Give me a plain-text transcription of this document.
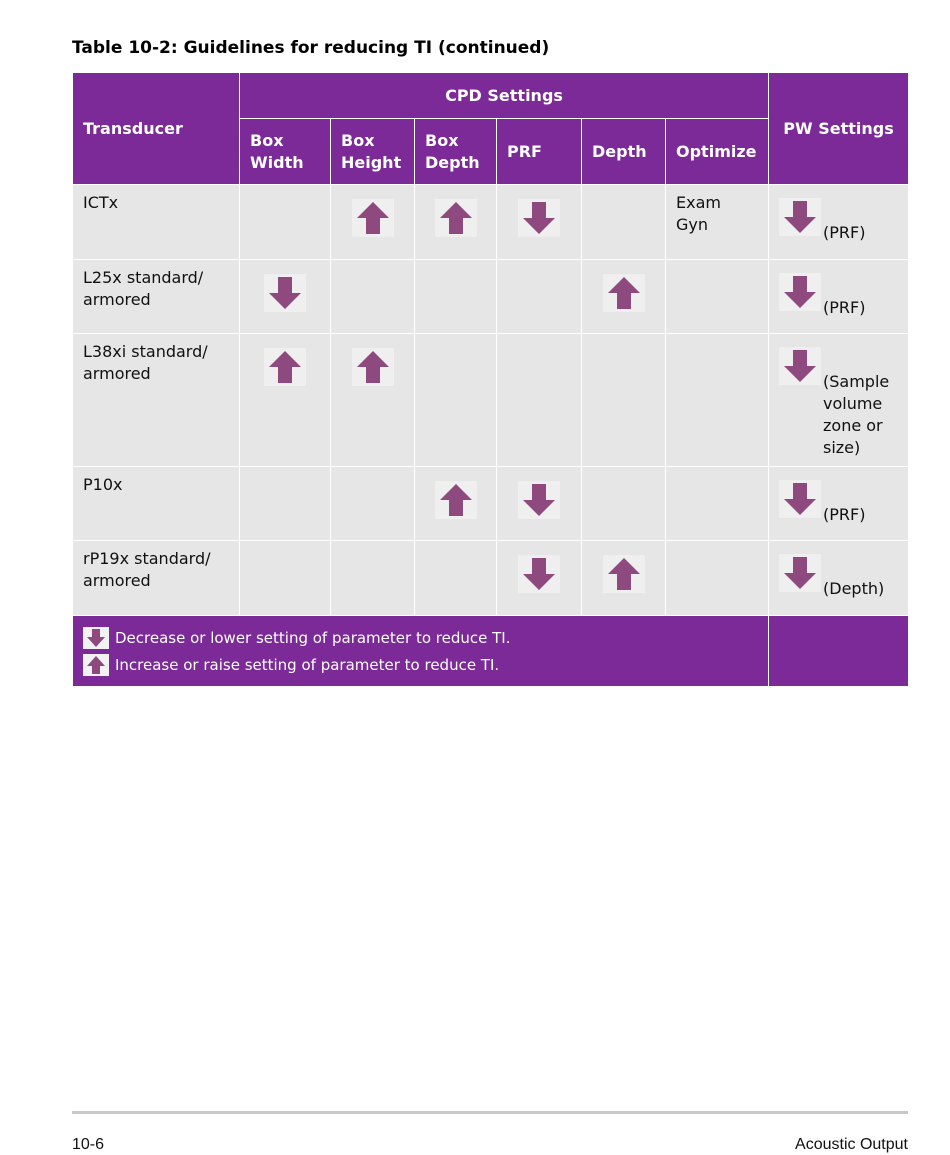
Table 10-2: Guidelines for reducing TI (continued)
Transducer	CPD Settings						PW Settings
	Box Width	Box Height	Box Depth	PRF	Depth	Optimize	
ICTx						Exam Gyn	(PRF)

L25x standard/ armored							(PRF)

L38xi standard/ armored							(Sample volume zone or size)

P10x							(PRF)

rP19x standard/ armored							(Depth)

Decrease or lower setting of parameter to reduce TI.
Increase or raise setting of parameter to reduce TI.							

10-6	Acoustic Output
